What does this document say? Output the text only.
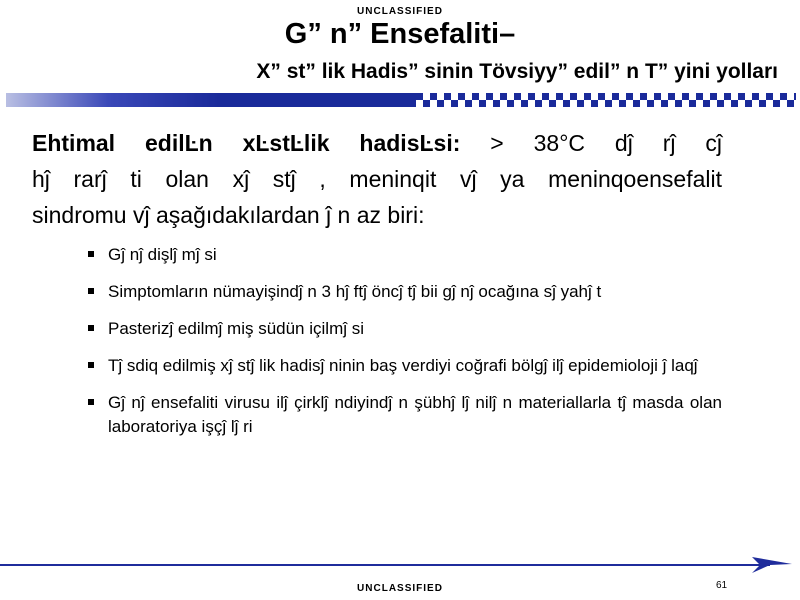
UNCLASSIFIED
G” n” Ensefaliti–
X” st” lik Hadis” sinin Tövsiyy” edil” n T” yini yolları

Ehtimal edilĿn xĿstĿlik hadisĿsi: > 38°C dĵ rĵ cĵ

hĵ rarĵ ti olan xĵ stĵ , meninqit vĵ ya meninqoensefalit

sindromu vĵ aşağıdakılardan ĵ n az biri:

Gĵ nĵ dişlĵ mĵ si
Simptomların nümayişindĵ n 3 hĵ ftĵ öncĵ tĵ bii gĵ nĵ ocağına sĵ yahĵ t
Pasterizĵ edilmĵ miş südün içilmĵ si
Tĵ sdiq edilmiş xĵ stĵ lik hadisĵ ninin baş verdiyi coğrafi bölgĵ ilĵ epidemioloji ĵ laqĵ
Gĵ nĵ ensefaliti virusu ilĵ çirklĵ ndiyindĵ n şübhĵ lĵ nilĵ n materiallarla tĵ masda olan laboratoriya işçĵ lĵ ri
61
UNCLASSIFIED
